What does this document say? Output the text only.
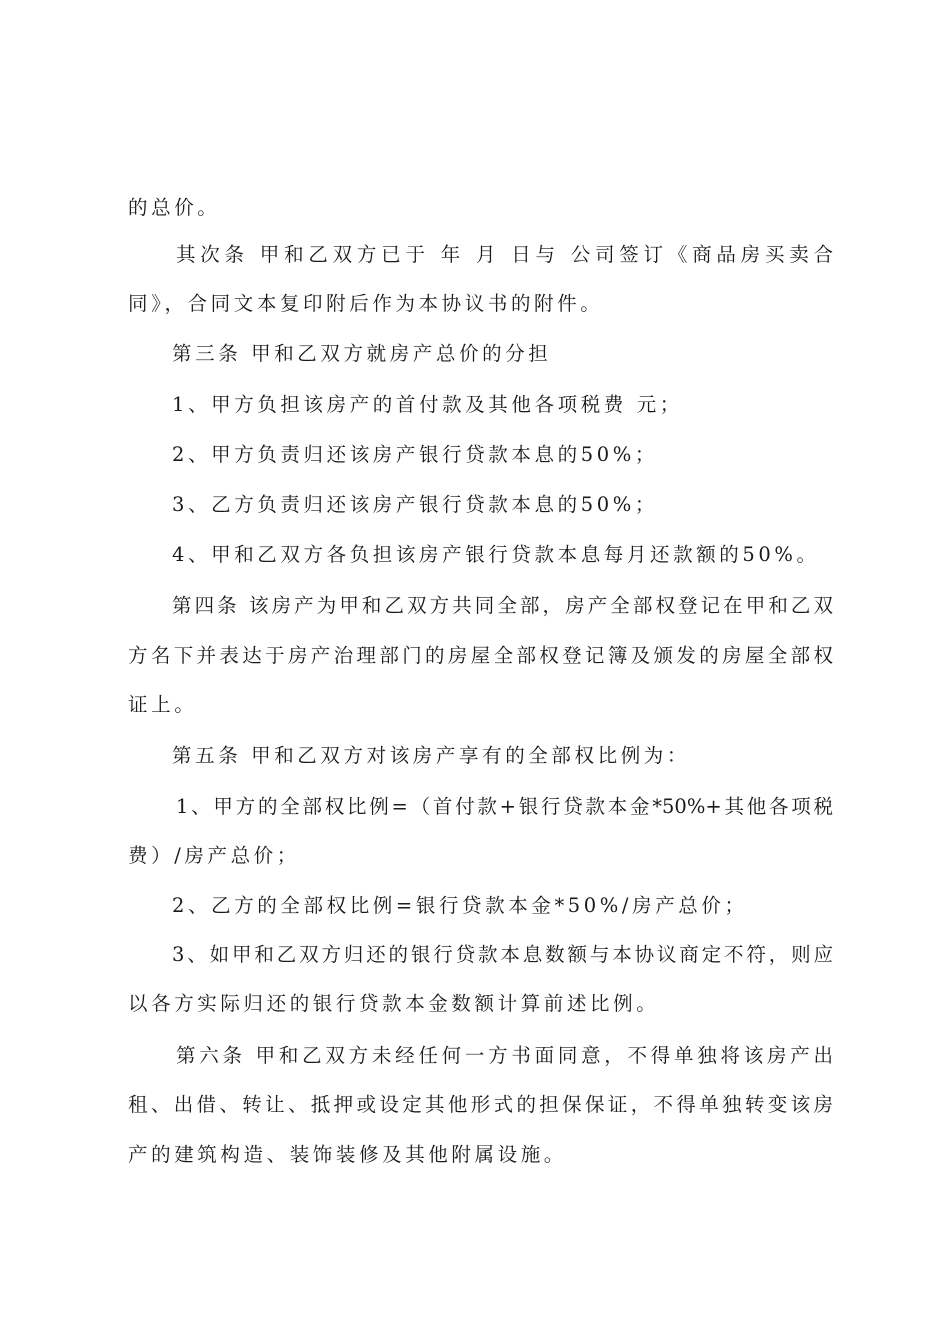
的总价。
其次条 甲和乙双方已于 年 月 日与 公司签订《商品房买卖合
同》，合同文本复印附后作为本协议书的附件。
第三条 甲和乙双方就房产总价的分担
1、甲方负担该房产的首付款及其他各项税费 元；
2、甲方负责归还该房产银行贷款本息的50%；
3、乙方负责归还该房产银行贷款本息的50%；
4、甲和乙双方各负担该房产银行贷款本息每月还款额的50%。
第四条 该房产为甲和乙双方共同全部，房产全部权登记在甲和乙双
方名下并表达于房产治理部门的房屋全部权登记簿及颁发的房屋全部权
证上。
第五条 甲和乙双方对该房产享有的全部权比例为：
1、甲方的全部权比例=（首付款+银行贷款本金*50%+其他各项税
费）/房产总价；
2、乙方的全部权比例=银行贷款本金*50%/房产总价；
3、如甲和乙双方归还的银行贷款本息数额与本协议商定不符，则应
以各方实际归还的银行贷款本金数额计算前述比例。
第六条 甲和乙双方未经任何一方书面同意，不得单独将该房产出
租、出借、转让、抵押或设定其他形式的担保保证，不得单独转变该房
产的建筑构造、装饰装修及其他附属设施。
